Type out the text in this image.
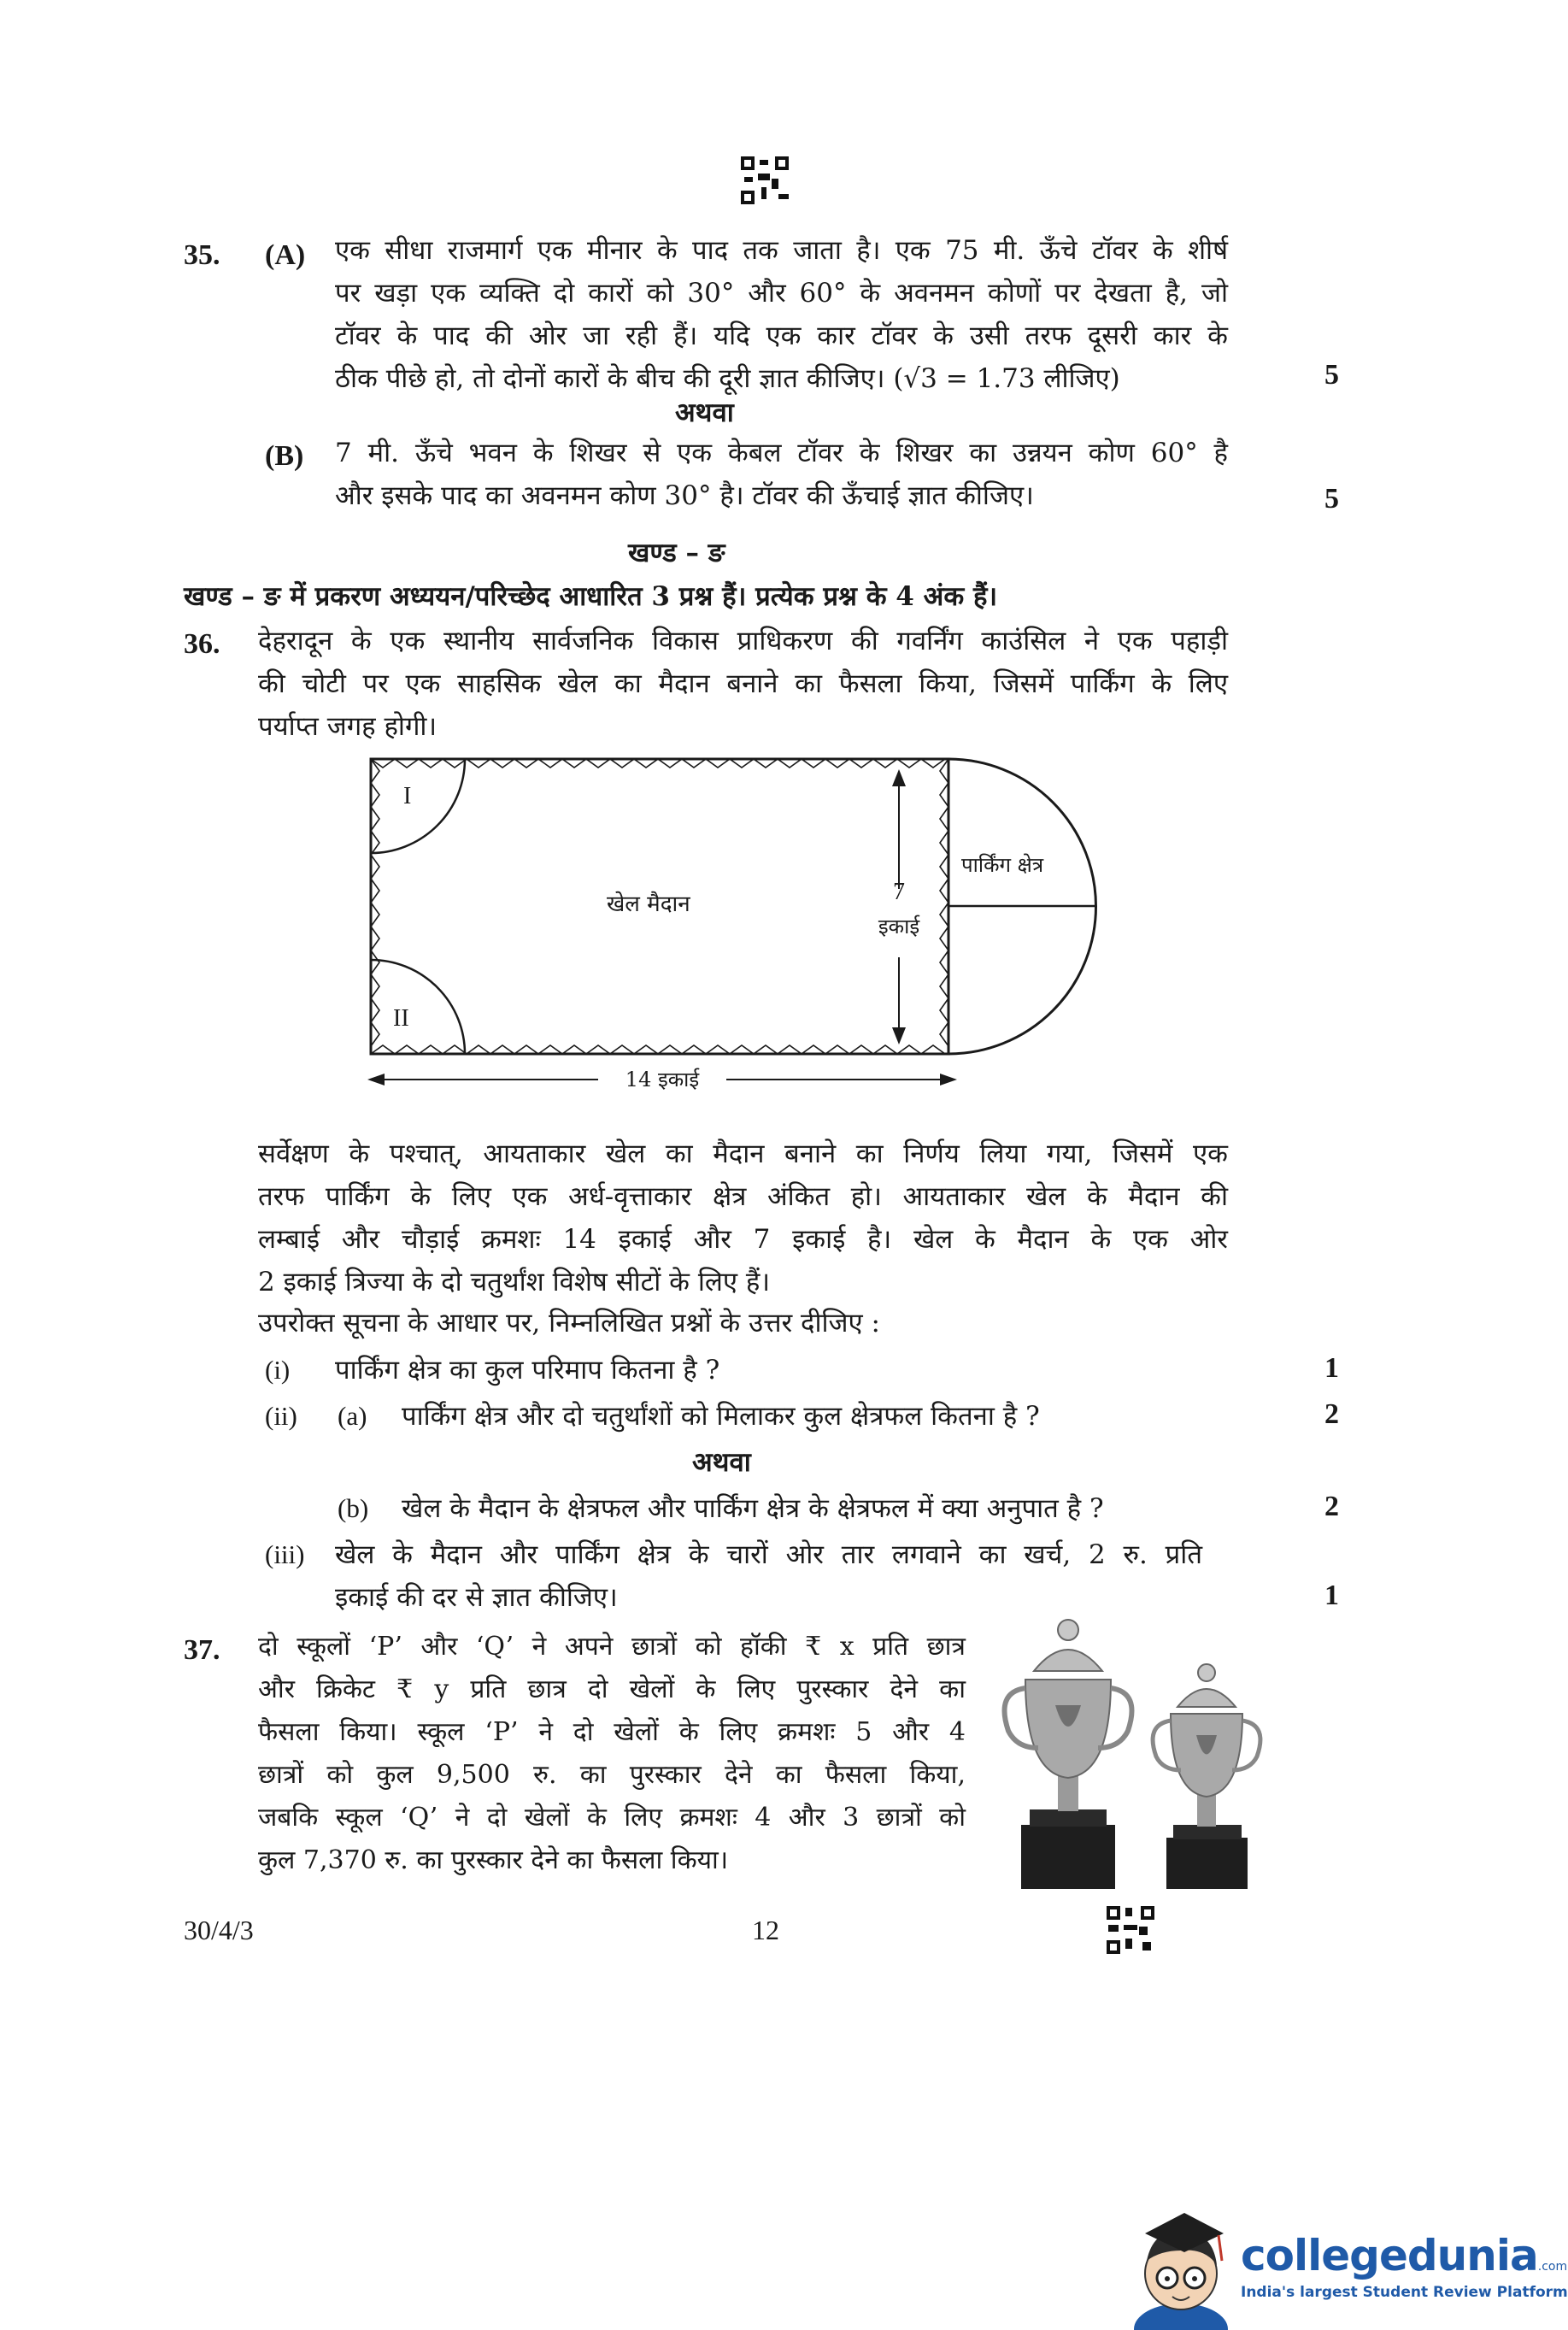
35. (A) एक सीधा राजमार्ग एक मीनार के पाद तक जाता है। एक 75 मी. ऊँचे टॉवर के शीर्ष
पर खड़ा एक व्यक्ति दो कारों को 30° और 60° के अवनमन कोणों पर देखता है, जो
टॉवर के पाद की ओर जा रही हैं। यदि एक कार टॉवर के उसी तरफ दूसरी कार के
ठीक पीछे हो, तो दोनों कारों के बीच की दूरी ज्ञात कीजिए। (√3 = 1.73 लीजिए)	5
अथवा
(B) 7 मी. ऊँचे भवन के शिखर से एक केबल टॉवर के शिखर का उन्नयन कोण 60° है
और इसके पाद का अवनमन कोण 30° है। टॉवर की ऊँचाई ज्ञात कीजिए।	5
खण्ड – ङ
खण्ड – ङ में प्रकरण अध्ययन/परिच्छेद आधारित 3 प्रश्न हैं। प्रत्येक प्रश्न के 4 अंक हैं।
36. देहरादून के एक स्थानीय सार्वजनिक विकास प्राधिकरण की गवर्निंग काउंसिल ने एक पहाड़ी
की चोटी पर एक साहसिक खेल का मैदान बनाने का फैसला किया, जिसमें पार्किंग के लिए
पर्याप्त जगह होगी।
I
II
खेल मैदान	7
इकाई
पार्किंग क्षेत्र
14 इकाई
सर्वेक्षण के पश्चात्, आयताकार खेल का मैदान बनाने का निर्णय लिया गया, जिसमें एक
तरफ पार्किंग के लिए एक अर्ध-वृत्ताकार क्षेत्र अंकित हो। आयताकार खेल के मैदान की
लम्बाई और चौड़ाई क्रमशः 14 इकाई और 7 इकाई है। खेल के मैदान के एक ओर
2 इकाई त्रिज्या के दो चतुर्थांश विशेष सीटों के लिए हैं।
उपरोक्त सूचना के आधार पर, निम्नलिखित प्रश्नों के उत्तर दीजिए :
(i) पार्किंग क्षेत्र का कुल परिमाप कितना है ?	1
(ii) (a) पार्किंग क्षेत्र और दो चतुर्थांशों को मिलाकर कुल क्षेत्रफल कितना है ?	2
अथवा
(b) खेल के मैदान के क्षेत्रफल और पार्किंग क्षेत्र के क्षेत्रफल में क्या अनुपात है ?	2
(iii) खेल के मैदान और पार्किंग क्षेत्र के चारों ओर तार लगवाने का खर्च, 2 रु. प्रति
इकाई की दर से ज्ञात कीजिए।	1
37. दो स्कूलों ‘P’ और ‘Q’ ने अपने छात्रों को हॉकी ₹ x प्रति छात्र
और क्रिकेट ₹ y प्रति छात्र दो खेलों के लिए पुरस्कार देने का
फैसला किया। स्कूल ‘P’ ने दो खेलों के लिए क्रमशः 5 और 4
छात्रों को कुल 9,500 रु. का पुरस्कार देने का फैसला किया,
जबकि स्कूल ‘Q’ ने दो खेलों के लिए क्रमशः 4 और 3 छात्रों को
कुल 7,370 रु. का पुरस्कार देने का फैसला किया।
30/4/3	12
collegedunia.com
India's largest Student Review Platform
